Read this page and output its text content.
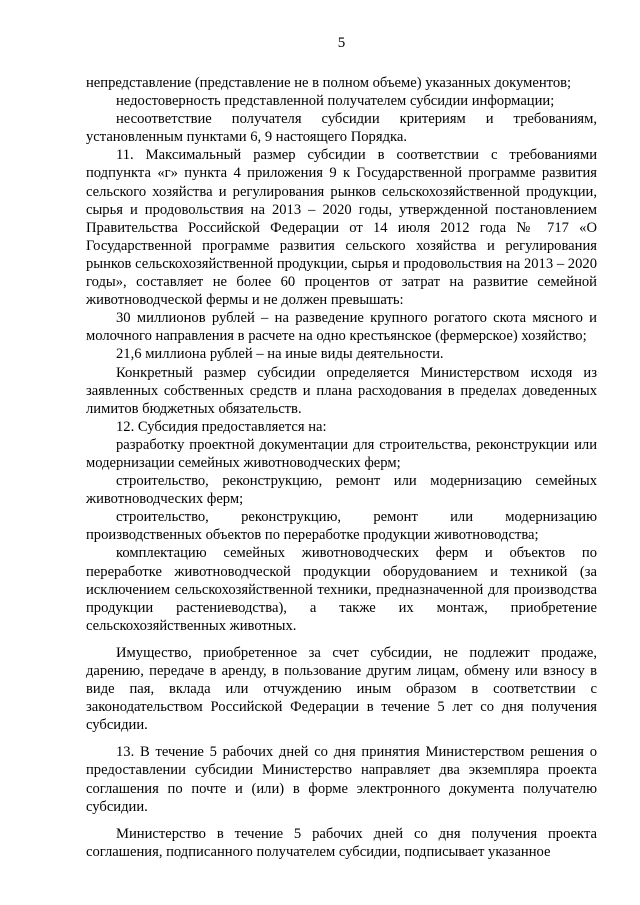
5

непредставление (представление не в полном объеме) указанных документов;

недостоверность представленной получателем субсидии информации;

несоответствие получателя субсидии критериям и требованиям, установленным пунктами 6, 9 настоящего Порядка.

11. Максимальный размер субсидии в соответствии с требованиями подпункта «г» пункта 4 приложения 9 к Государственной программе развития сельского хозяйства и регулирования рынков сельскохозяйственной продукции, сырья и продовольствия на 2013 – 2020 годы, утвержденной постановлением Правительства Российской Федерации от 14 июля 2012 года № 717 «О Государственной программе развития сельского хозяйства и регулирования рынков сельскохозяйственной продукции, сырья и продовольствия на 2013 – 2020 годы», составляет не более 60 процентов от затрат на развитие семейной животноводческой фермы и не должен превышать:

30 миллионов рублей – на разведение крупного рогатого скота мясного и молочного направления в расчете на одно крестьянское (фермерское) хозяйство;

21,6 миллиона рублей – на иные виды деятельности.

Конкретный размер субсидии определяется Министерством исходя из заявленных собственных средств и плана расходования в пределах доведенных лимитов бюджетных обязательств.

12. Субсидия предоставляется на:

разработку проектной документации для строительства, реконструкции или модернизации семейных животноводческих ферм;

строительство, реконструкцию, ремонт или модернизацию семейных животноводческих ферм;

строительство, реконструкцию, ремонт или модернизацию производственных объектов по переработке продукции животноводства;

комплектацию семейных животноводческих ферм и объектов по переработке животноводческой продукции оборудованием и техникой (за исключением сельскохозяйственной техники, предназначенной для производства продукции растениеводства), а также их монтаж, приобретение сельскохозяйственных животных.

Имущество, приобретенное за счет субсидии, не подлежит продаже, дарению, передаче в аренду, в пользование другим лицам, обмену или взносу в виде пая, вклада или отчуждению иным образом в соответствии с законодательством Российской Федерации в течение 5 лет со дня получения субсидии.

13. В течение 5 рабочих дней со дня принятия Министерством решения о предоставлении субсидии Министерство направляет два экземпляра проекта соглашения по почте и (или) в форме электронного документа получателю субсидии.

Министерство в течение 5 рабочих дней со дня получения проекта соглашения, подписанного получателем субсидии, подписывает указанное
